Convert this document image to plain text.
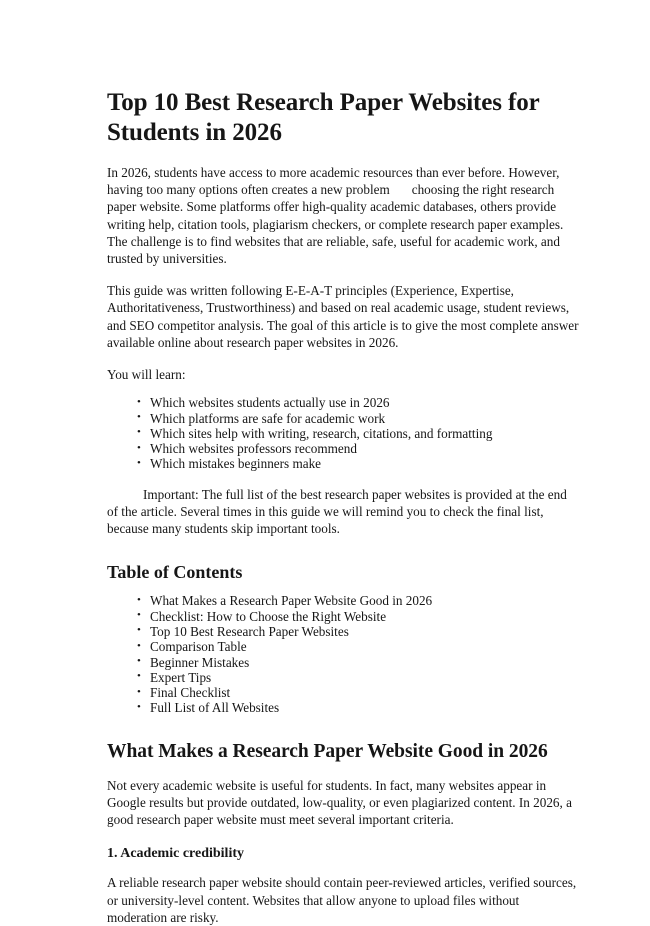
Top 10 Best Research Paper Websites for Students in 2026

In 2026, students have access to more academic resources than ever before. However, having too many options often creates a new problem choosing the right research paper website. Some platforms offer high-quality academic databases, others provide writing help, citation tools, plagiarism checkers, or complete research paper examples. The challenge is to find websites that are reliable, safe, useful for academic work, and trusted by universities.

This guide was written following E-E-A-T principles (Experience, Expertise, Authoritativeness, Trustworthiness) and based on real academic usage, student reviews, and SEO competitor analysis. The goal of this article is to give the most complete answer available online about research paper websites in 2026.

You will learn:

• Which websites students actually use in 2026
• Which platforms are safe for academic work
• Which sites help with writing, research, citations, and formatting
• Which websites professors recommend
• Which mistakes beginners make

Important: The full list of the best research paper websites is provided at the end of the article. Several times in this guide we will remind you to check the final list, because many students skip important tools.

Table of Contents
• What Makes a Research Paper Website Good in 2026
• Checklist: How to Choose the Right Website
• Top 10 Best Research Paper Websites
• Comparison Table
• Beginner Mistakes
• Expert Tips
• Final Checklist
• Full List of All Websites
What Makes a Research Paper Website Good in 2026

Not every academic website is useful for students. In fact, many websites appear in Google results but provide outdated, low-quality, or even plagiarized content. In 2026, a good research paper website must meet several important criteria.

1. Academic credibility

A reliable research paper website should contain peer-reviewed articles, verified sources, or university-level content. Websites that allow anyone to upload files without moderation are risky.
